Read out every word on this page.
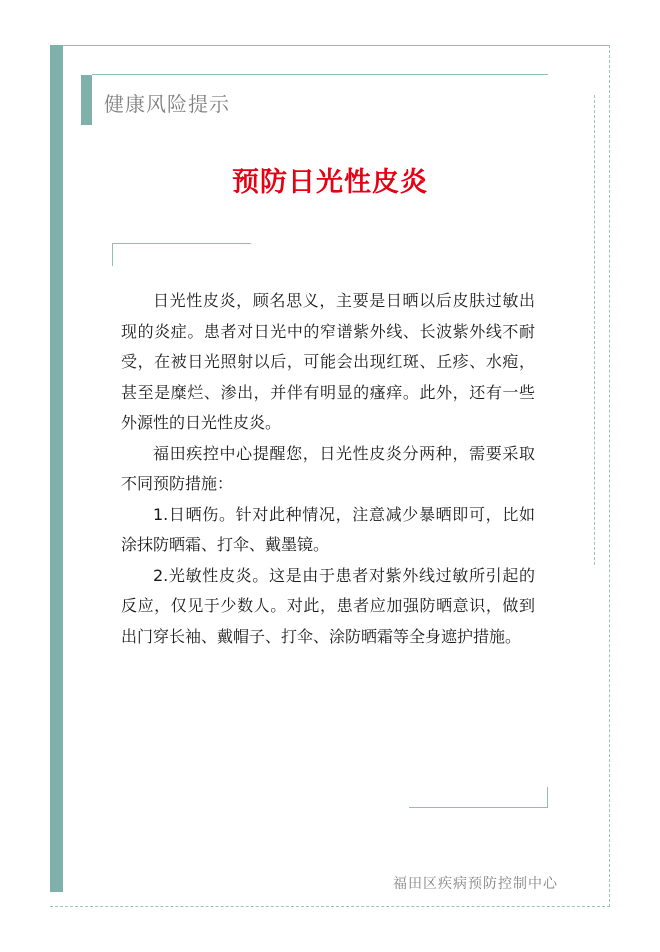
健康风险提示
预防日光性皮炎

日光性皮炎，顾名思义，主要是日晒以后皮肤过敏出现的炎症。患者对日光中的窄谱紫外线、长波紫外线不耐受，在被日光照射以后，可能会出现红斑、丘疹、水疱，甚至是糜烂、渗出，并伴有明显的瘙痒。此外，还有一些外源性的日光性皮炎。

福田疾控中心提醒您，日光性皮炎分两种，需要采取不同预防措施：

1.日晒伤。针对此种情况，注意减少暴晒即可，比如涂抹防晒霜、打伞、戴墨镜。

2.光敏性皮炎。这是由于患者对紫外线过敏所引起的反应，仅见于少数人。对此，患者应加强防晒意识，做到出门穿长袖、戴帽子、打伞、涂防晒霜等全身遮护措施。

福田区疾病预防控制中心
